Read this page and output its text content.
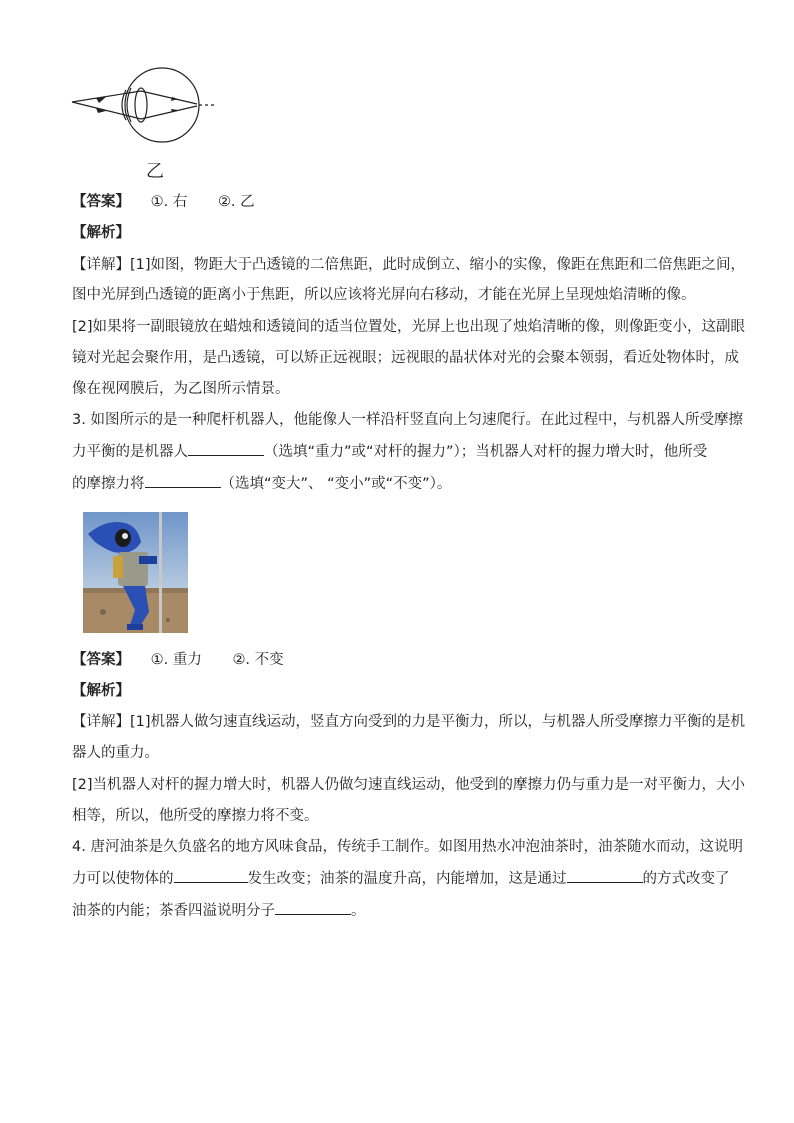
乙
【答案】 ①. 右 ②. 乙
【解析】
【详解】[1]如图，物距大于凸透镜的二倍焦距，此时成倒立、缩小的实像，像距在焦距和二倍焦距之间，
图中光屏到凸透镜的距离小于焦距，所以应该将光屏向右移动，才能在光屏上呈现烛焰清晰的像。
[2]如果将一副眼镜放在蜡烛和透镜间的适当位置处，光屏上也出现了烛焰清晰的像，则像距变小，这副眼
镜对光起会聚作用，是凸透镜，可以矫正远视眼；远视眼的晶状体对光的会聚本领弱，看近处物体时，成
像在视网膜后，为乙图所示情景。
3. 如图所示的是一种爬杆机器人，他能像人一样沿杆竖直向上匀速爬行。在此过程中，与机器人所受摩擦
力平衡的是机器人	（选填“重力”或“对杆的握力”）；当机器人对杆的握力增大时，他所受
的摩擦力将	（选填“变大”、 “变小”或“不变”）。
【答案】 ①. 重力 ②. 不变
【解析】
【详解】[1]机器人做匀速直线运动，竖直方向受到的力是平衡力，所以，与机器人所受摩擦力平衡的是机
器人的重力。
[2]当机器人对杆的握力增大时，机器人仍做匀速直线运动，他受到的摩擦力仍与重力是一对平衡力，大小
相等，所以，他所受的摩擦力将不变。
4. 唐河油茶是久负盛名的地方风味食品，传统手工制作。如图用热水冲泡油茶时，油茶随水而动，这说明
力可以使物体的	发生改变；油茶的温度升高，内能增加，这是通过	的方式改变了
油茶的内能；茶香四溢说明分子	。
